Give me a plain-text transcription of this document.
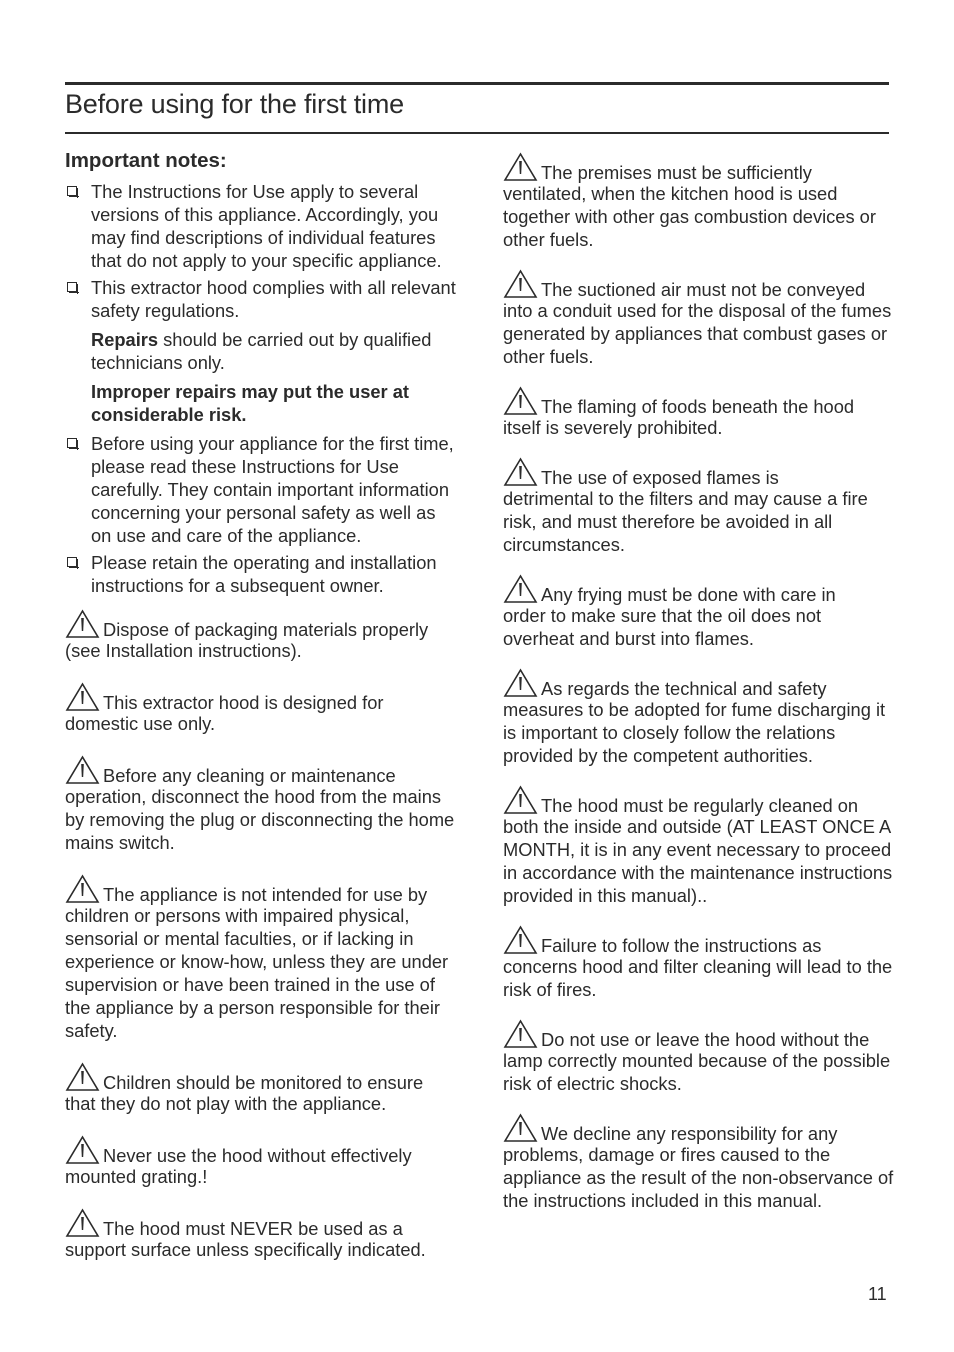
Before using for the first time
Important notes:
The Instructions for Use apply to several versions of this appliance. Accordingly, you may find descriptions of individual features that do not apply to your specific appliance.
This extractor hood complies with all relevant safety regulations.
Repairs should be carried out by qualified technicians only.
Improper repairs may put the user at considerable risk.
Before using your appliance for the first time, please read these Instructions for Use carefully. They contain important information concerning your personal safety as well as on use and care of the appliance.
Please retain the operating and installation instructions for a subsequent owner.
Dispose of packaging materials properly
(see Installation instructions).
This extractor hood is designed for
domestic use only.
Before any cleaning or maintenance
operation, disconnect the hood from the mains by removing the plug or disconnecting the home mains switch.
The appliance is not intended for use by
children or persons with impaired physical, sensorial or mental faculties, or if lacking in experience or know-how, unless they are under supervision or have been trained in the use of the appliance by a person responsible for their safety.
Children should be monitored to ensure
that they do not play with the appliance.
Never use the hood without effectively
mounted grating.!
The hood must NEVER be used as a
support surface unless specifically indicated.
The premises must be sufficiently
ventilated, when the kitchen hood is used together with other gas combustion devices or other fuels.
The suctioned air must not be conveyed
into a conduit used for the disposal of the fumes generated by appliances that combust gases or other fuels.
The flaming of foods beneath the hood
itself is severely prohibited.
The use of exposed flames is
detrimental to the filters and may cause a fire risk, and must therefore be avoided in all circumstances.
Any frying must be done with care in
order to make sure that the oil does not overheat and burst into flames.
As regards the technical and safety
measures to be adopted for fume discharging it is important to closely follow the relations provided by the competent authorities.
The hood must be regularly cleaned on
both the inside and outside (AT LEAST ONCE A MONTH, it is in any event necessary to proceed in accordance with the maintenance instructions provided in this manual)..
Failure to follow the instructions as
concerns hood and filter cleaning will lead to the risk of fires.
Do not use or leave the hood without the
lamp correctly mounted because of the possible risk of electric shocks.
We decline any responsibility for any
problems, damage or fires caused to the appliance as the result of the non-observance of the instructions included in this manual.
11
